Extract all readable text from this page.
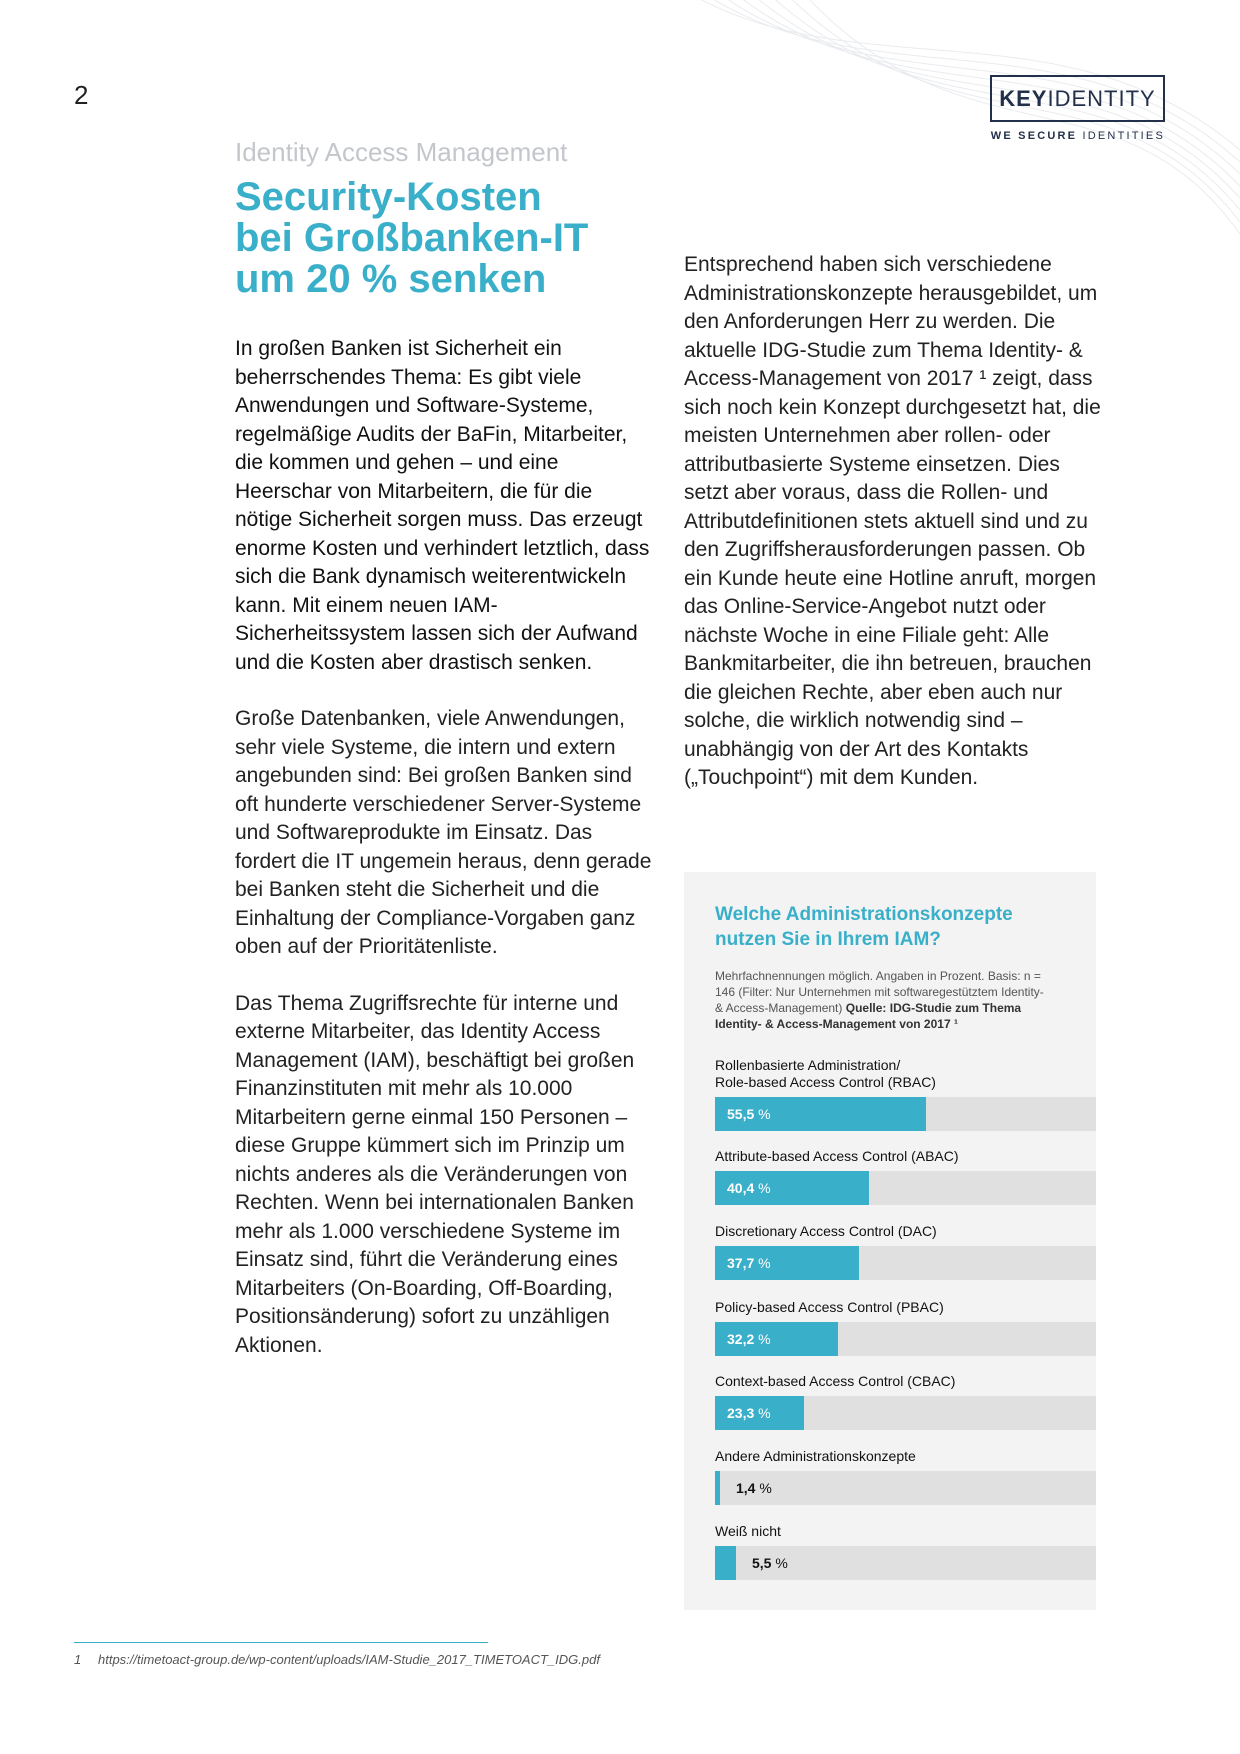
2	KEY IDENTITY
WE SECURE IDENTITIES
Identity Access Management
Security-Kosten
bei Großbanken-IT
um 20 % senken

In großen Banken ist Sicherheit ein beherrschendes Thema: Es gibt viele Anwendungen und Software-Systeme, regelmäßige Audits der BaFin, Mitarbeiter, die kommen und gehen – und eine Heerschar von Mitarbeitern, die für die nötige Sicherheit sorgen muss. Das erzeugt enorme Kosten und verhindert letztlich, dass sich die Bank dynamisch weiterentwickeln kann. Mit einem neuen IAM-Sicherheitssystem lassen sich der Aufwand und die Kosten aber drastisch senken.

Große Datenbanken, viele Anwendungen, sehr viele Systeme, die intern und extern angebunden sind: Bei großen Banken sind oft hunderte verschiedener Server-Systeme und Softwareprodukte im Einsatz. Das fordert die IT ungemein heraus, denn gerade bei Banken steht die Sicherheit und die Einhaltung der Compliance-Vorgaben ganz oben auf der Prioritätenliste.

Das Thema Zugriffsrechte für interne und externe Mitarbeiter, das Identity Access Management (IAM), beschäftigt bei großen Finanzinstituten mit mehr als 10.000 Mitarbeitern gerne einmal 150 Personen – diese Gruppe kümmert sich im Prinzip um nichts anderes als die Veränderungen von Rechten. Wenn bei internationalen Banken mehr als 1.000 verschiedene Systeme im Einsatz sind, führt die Veränderung eines Mitarbeiters (On-Boarding, Off-Boarding, Positionsänderung) sofort zu unzähligen Aktionen.

Entsprechend haben sich verschiedene Administrationskonzepte herausgebildet, um den Anforderungen Herr zu werden. Die aktuelle IDG-Studie zum Thema Identity- & Access-Management von 2017 ¹ zeigt, dass sich noch kein Konzept durchgesetzt hat, die meisten Unternehmen aber rollen- oder attributbasierte Systeme einsetzen. Dies setzt aber voraus, dass die Rollen- und Attributdefinitionen stets aktuell sind und zu den Zugriffsherausforderungen passen. Ob ein Kunde heute eine Hotline anruft, morgen das Online-Service-Angebot nutzt oder nächste Woche in eine Filiale geht: Alle Bankmitarbeiter, die ihn betreuen, brauchen die gleichen Rechte, aber eben auch nur solche, die wirklich notwendig sind – unabhängig von der Art des Kontakts („Touchpoint“) mit dem Kunden.

Welche Administrationskonzepte nutzen Sie in Ihrem IAM?
Mehrfachnennungen möglich. Angaben in Prozent. Basis: n = 146 (Filter: Nur Unternehmen mit softwaregestütztem Identity- & Access-Management) Quelle: IDG-Studie zum Thema Identity- & Access-Management von 2017 ¹
Rollenbasierte Administration/
Role-based Access Control (RBAC)
55,5 %
Attribute-based Access Control (ABAC)
40,4 %
Discretionary Access Control (DAC)
37,7 %
Policy-based Access Control (PBAC)
32,2 %
Context-based Access Control (CBAC)
23,3 %
Andere Administrationskonzepte
1,4 %
Weiß nicht
5,5 %
1 https://timetoact-group.de/wp-content/uploads/IAM-Studie_2017_TIMETOACT_IDG.pdf
